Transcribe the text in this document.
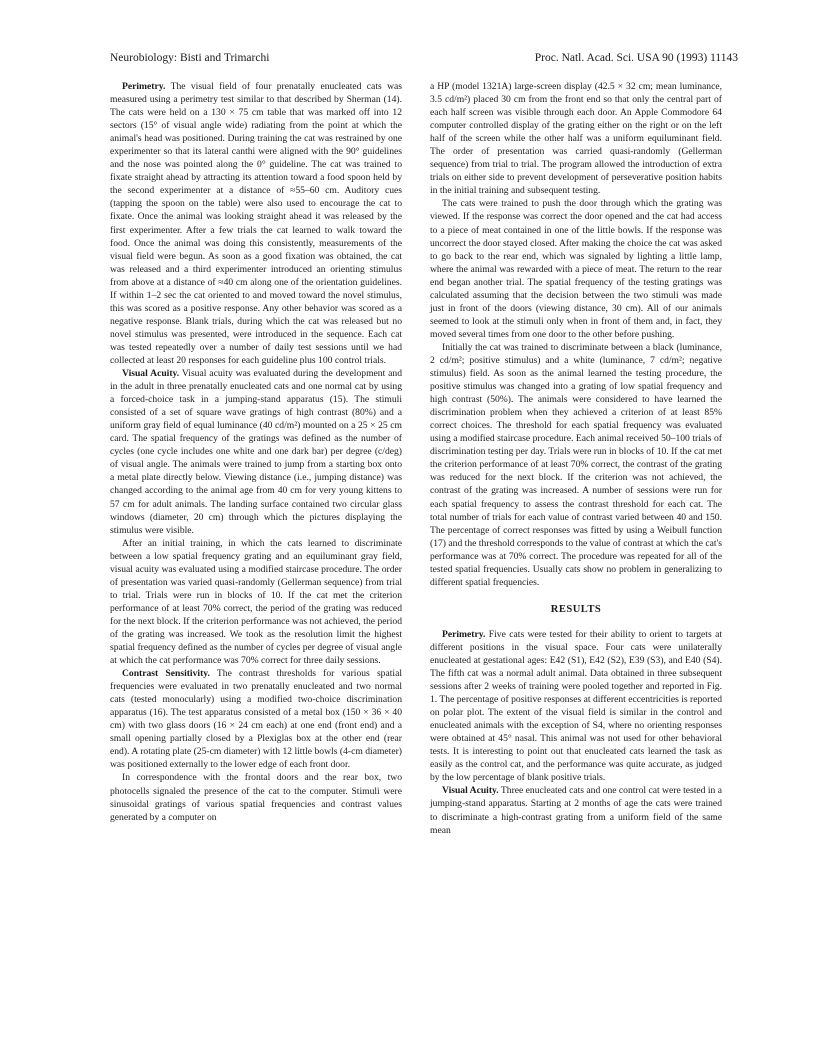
Neurobiology: Bisti and Trimarchi	Proc. Natl. Acad. Sci. USA 90 (1993) 11143

Perimetry. The visual field of four prenatally enucleated cats was measured using a perimetry test similar to that described by Sherman (14). The cats were held on a 130 × 75 cm table that was marked off into 12 sectors (15° of visual angle wide) radiating from the point at which the animal's head was positioned. During training the cat was restrained by one experimenter so that its lateral canthi were aligned with the 90° guidelines and the nose was pointed along the 0° guideline. The cat was trained to fixate straight ahead by attracting its attention toward a food spoon held by the second experimenter at a distance of ≈55–60 cm. Auditory cues (tapping the spoon on the table) were also used to encourage the cat to fixate. Once the animal was looking straight ahead it was released by the first experimenter. After a few trials the cat learned to walk toward the food. Once the animal was doing this consistently, measurements of the visual field were begun. As soon as a good fixation was obtained, the cat was released and a third experimenter introduced an orienting stimulus from above at a distance of ≈40 cm along one of the orientation guidelines. If within 1–2 sec the cat oriented to and moved toward the novel stimulus, this was scored as a positive response. Any other behavior was scored as a negative response. Blank trials, during which the cat was released but no novel stimulus was presented, were introduced in the sequence. Each cat was tested repeatedly over a number of daily test sessions until we had collected at least 20 responses for each guideline plus 100 control trials.

Visual Acuity. Visual acuity was evaluated during the development and in the adult in three prenatally enucleated cats and one normal cat by using a forced-choice task in a jumping-stand apparatus (15). The stimuli consisted of a set of square wave gratings of high contrast (80%) and a uniform gray field of equal luminance (40 cd/m²) mounted on a 25 × 25 cm card. The spatial frequency of the gratings was defined as the number of cycles (one cycle includes one white and one dark bar) per degree (c/deg) of visual angle. The animals were trained to jump from a starting box onto a metal plate directly below. Viewing distance (i.e., jumping distance) was changed according to the animal age from 40 cm for very young kittens to 57 cm for adult animals. The landing surface contained two circular glass windows (diameter, 20 cm) through which the pictures displaying the stimulus were visible.

After an initial training, in which the cats learned to discriminate between a low spatial frequency grating and an equiluminant gray field, visual acuity was evaluated using a modified staircase procedure. The order of presentation was varied quasi-randomly (Gellerman sequence) from trial to trial. Trials were run in blocks of 10. If the cat met the criterion performance of at least 70% correct, the period of the grating was reduced for the next block. If the criterion performance was not achieved, the period of the grating was increased. We took as the resolution limit the highest spatial frequency defined as the number of cycles per degree of visual angle at which the cat performance was 70% correct for three daily sessions.

Contrast Sensitivity. The contrast thresholds for various spatial frequencies were evaluated in two prenatally enucleated and two normal cats (tested monocularly) using a modified two-choice discrimination apparatus (16). The test apparatus consisted of a metal box (150 × 36 × 40 cm) with two glass doors (16 × 24 cm each) at one end (front end) and a small opening partially closed by a Plexiglas box at the other end (rear end). A rotating plate (25-cm diameter) with 12 little bowls (4-cm diameter) was positioned externally to the lower edge of each front door.

In correspondence with the frontal doors and the rear box, two photocells signaled the presence of the cat to the computer. Stimuli were sinusoidal gratings of various spatial frequencies and contrast values generated by a computer on

a HP (model 1321A) large-screen display (42.5 × 32 cm; mean luminance, 3.5 cd/m²) placed 30 cm from the front end so that only the central part of each half screen was visible through each door. An Apple Commodore 64 computer controlled display of the grating either on the right or on the left half of the screen while the other half was a uniform equiluminant field. The order of presentation was carried quasi-randomly (Gellerman sequence) from trial to trial. The program allowed the introduction of extra trials on either side to prevent development of perseverative position habits in the initial training and subsequent testing.

The cats were trained to push the door through which the grating was viewed. If the response was correct the door opened and the cat had access to a piece of meat contained in one of the little bowls. If the response was uncorrect the door stayed closed. After making the choice the cat was asked to go back to the rear end, which was signaled by lighting a little lamp, where the animal was rewarded with a piece of meat. The return to the rear end began another trial. The spatial frequency of the testing gratings was calculated assuming that the decision between the two stimuli was made just in front of the doors (viewing distance, 30 cm). All of our animals seemed to look at the stimuli only when in front of them and, in fact, they moved several times from one door to the other before pushing.

Initially the cat was trained to discriminate between a black (luminance, 2 cd/m²; positive stimulus) and a white (luminance, 7 cd/m²; negative stimulus) field. As soon as the animal learned the testing procedure, the positive stimulus was changed into a grating of low spatial frequency and high contrast (50%). The animals were considered to have learned the discrimination problem when they achieved a criterion of at least 85% correct choices. The threshold for each spatial frequency was evaluated using a modified staircase procedure. Each animal received 50–100 trials of discrimination testing per day. Trials were run in blocks of 10. If the cat met the criterion performance of at least 70% correct, the contrast of the grating was reduced for the next block. If the criterion was not achieved, the contrast of the grating was increased. A number of sessions were run for each spatial frequency to assess the contrast threshold for each cat. The total number of trials for each value of contrast varied between 40 and 150. The percentage of correct responses was fitted by using a Weibull function (17) and the threshold corresponds to the value of contrast at which the cat's performance was at 70% correct. The procedure was repeated for all of the tested spatial frequencies. Usually cats show no problem in generalizing to different spatial frequencies.

RESULTS

Perimetry. Five cats were tested for their ability to orient to targets at different positions in the visual space. Four cats were unilaterally enucleated at gestational ages: E42 (S1), E42 (S2), E39 (S3), and E40 (S4). The fifth cat was a normal adult animal. Data obtained in three subsequent sessions after 2 weeks of training were pooled together and reported in Fig. 1. The percentage of positive responses at different eccentricities is reported on polar plot. The extent of the visual field is similar in the control and enucleated animals with the exception of S4, where no orienting responses were obtained at 45° nasal. This animal was not used for other behavioral tests. It is interesting to point out that enucleated cats learned the task as easily as the control cat, and the performance was quite accurate, as judged by the low percentage of blank positive trials.

Visual Acuity. Three enucleated cats and one control cat were tested in a jumping-stand apparatus. Starting at 2 months of age the cats were trained to discriminate a high-contrast grating from a uniform field of the same mean
